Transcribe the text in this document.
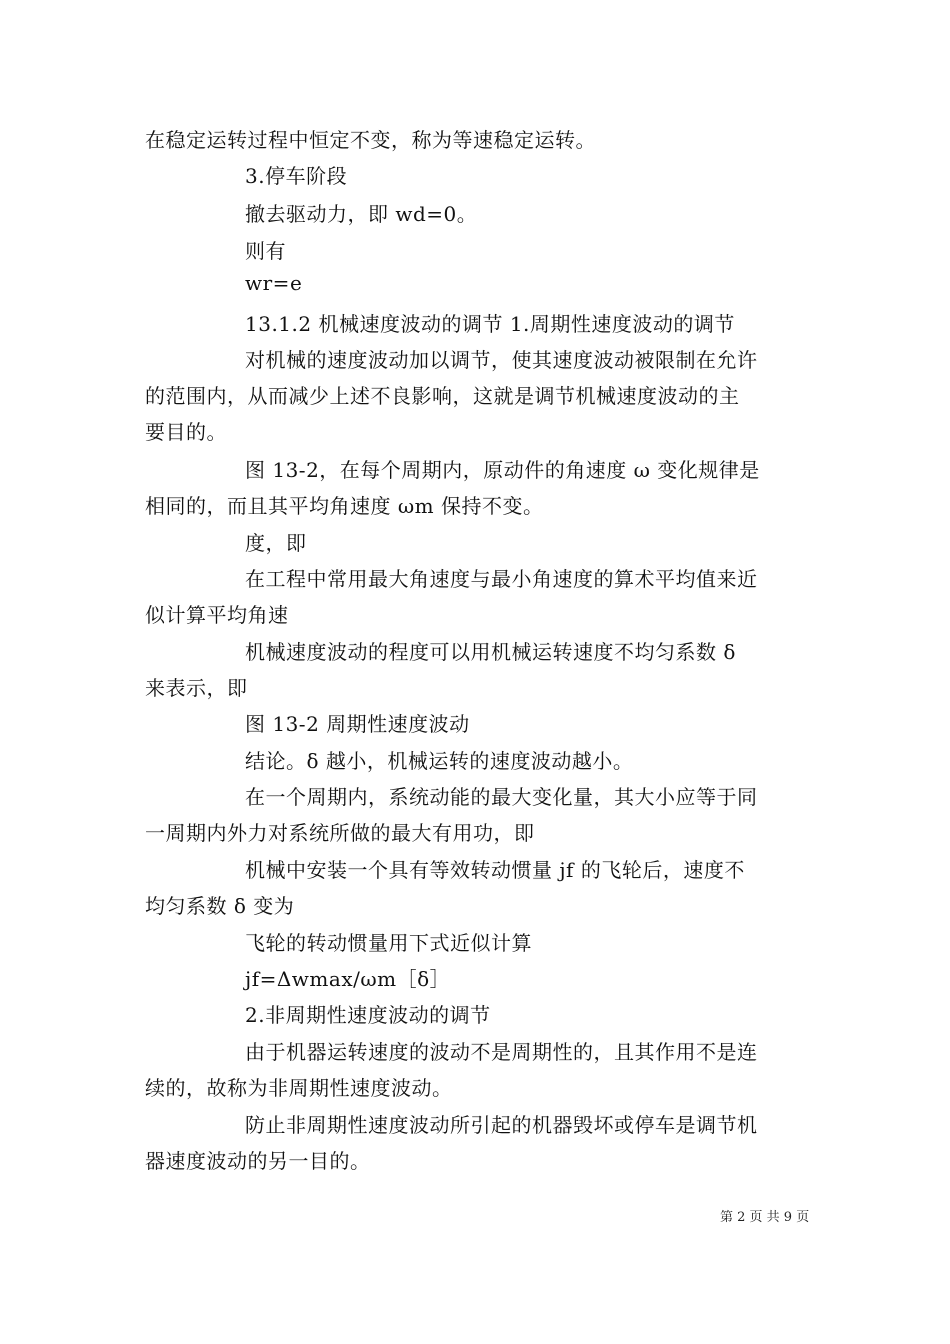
在稳定运转过程中恒定不变，称为等速稳定运转。
3.停车阶段
撤去驱动力，即 wd=0。
则有
wr=e
13.1.2 机械速度波动的调节 1.周期性速度波动的调节
对机械的速度波动加以调节，使其速度波动被限制在允许
的范围内，从而减少上述不良影响，这就是调节机械速度波动的主
要目的。
图 13-2，在每个周期内，原动件的角速度 ω 变化规律是
相同的，而且其平均角速度 ωm 保持不变。
度，即
在工程中常用最大角速度与最小角速度的算术平均值来近
似计算平均角速
机械速度波动的程度可以用机械运转速度不均匀系数 δ
来表示，即
图 13-2 周期性速度波动
结论。δ 越小，机械运转的速度波动越小。
在一个周期内，系统动能的最大变化量，其大小应等于同
一周期内外力对系统所做的最大有用功，即
机械中安装一个具有等效转动惯量 jf 的飞轮后，速度不
均匀系数 δ 变为
飞轮的转动惯量用下式近似计算
jf=Δwmax/ωm［δ］
2.非周期性速度波动的调节
由于机器运转速度的波动不是周期性的，且其作用不是连
续的，故称为非周期性速度波动。
防止非周期性速度波动所引起的机器毁坏或停车是调节机
器速度波动的另一目的。
第 2 页 共 9 页
